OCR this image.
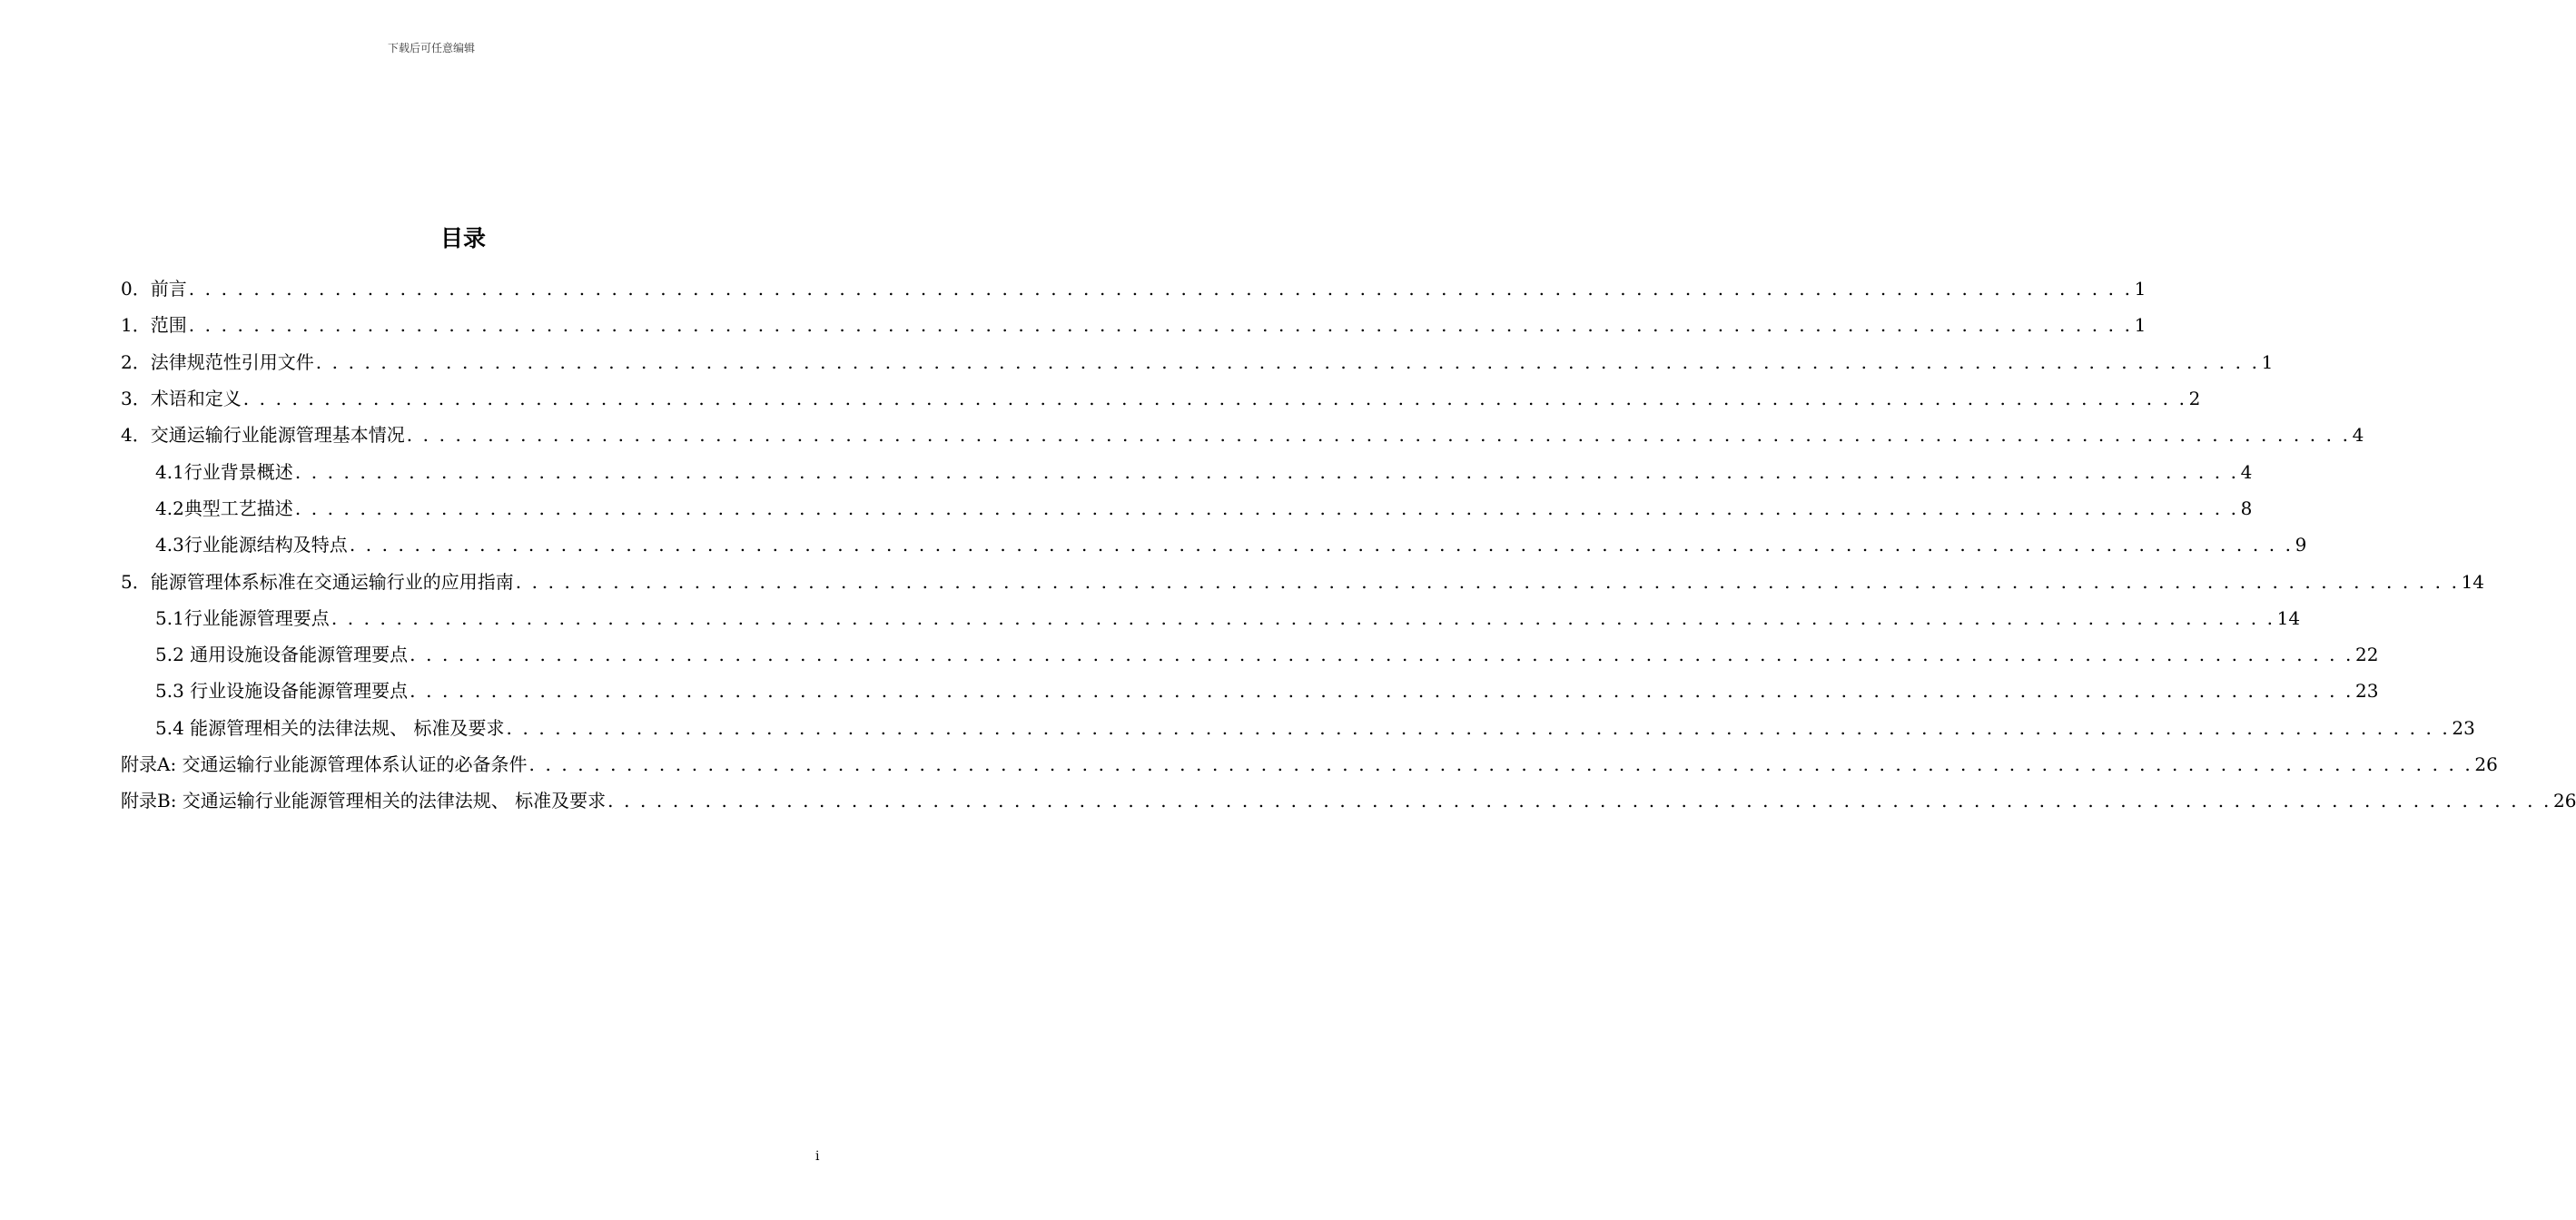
下载后可任意编辑
目录
0．前言 . . . . . . . . . . . . . . . . . . . . . . . . . . . . . . . . . . . . . . . . . . . . . . . . . . . . . . . . . . . . . . . . . . . . . . . . . . . . . . . . . . . . . . . . . . . . . . . . . . . . . . . . . . . . . . . . . . . . . . . . 1
1．范围 . . . . . . . . . . . . . . . . . . . . . . . . . . . . . . . . . . . . . . . . . . . . . . . . . . . . . . . . . . . . . . . . . . . . . . . . . . . . . . . . . . . . . . . . . . . . . . . . . . . . . . . . . . . . . . . . . . . . . . . . 1
2．法律规范性引用文件 . . . . . . . . . . . . . . . . . . . . . . . . . . . . . . . . . . . . . . . . . . . . . . . . . . . . . . . . . . . . . . . . . . . . . . . . . . . . . . . . . . . . . . . . . . . . . . . . . . . . . . . . . . . . . . . . . . . . . . . . 1
3．术语和定义 . . . . . . . . . . . . . . . . . . . . . . . . . . . . . . . . . . . . . . . . . . . . . . . . . . . . . . . . . . . . . . . . . . . . . . . . . . . . . . . . . . . . . . . . . . . . . . . . . . . . . . . . . . . . . . . . . . . . . . . . 2
4．交通运输行业能源管理基本情况 . . . . . . . . . . . . . . . . . . . . . . . . . . . . . . . . . . . . . . . . . . . . . . . . . . . . . . . . . . . . . . . . . . . . . . . . . . . . . . . . . . . . . . . . . . . . . . . . . . . . . . . . . . . . . . . . . . . . . . . . 4
4.1行业背景概述 . . . . . . . . . . . . . . . . . . . . . . . . . . . . . . . . . . . . . . . . . . . . . . . . . . . . . . . . . . . . . . . . . . . . . . . . . . . . . . . . . . . . . . . . . . . . . . . . . . . . . . . . . . . . . . . . . . . . . . . . 4
4.2典型工艺描述 . . . . . . . . . . . . . . . . . . . . . . . . . . . . . . . . . . . . . . . . . . . . . . . . . . . . . . . . . . . . . . . . . . . . . . . . . . . . . . . . . . . . . . . . . . . . . . . . . . . . . . . . . . . . . . . . . . . . . . . . 8
4.3行业能源结构及特点 . . . . . . . . . . . . . . . . . . . . . . . . . . . . . . . . . . . . . . . . . . . . . . . . . . . . . . . . . . . . . . . . . . . . . . . . . . . . . . . . . . . . . . . . . . . . . . . . . . . . . . . . . . . . . . . . . . . . . . . . 9
5．能源管理体系标准在交通运输行业的应用指南 . . . . . . . . . . . . . . . . . . . . . . . . . . . . . . . . . . . . . . . . . . . . . . . . . . . . . . . . . . . . . . . . . . . . . . . . . . . . . . . . . . . . . . . . . . . . . . . . . . . . . . . . . . . . . . . . . . . . . . . . 14
5.1行业能源管理要点 . . . . . . . . . . . . . . . . . . . . . . . . . . . . . . . . . . . . . . . . . . . . . . . . . . . . . . . . . . . . . . . . . . . . . . . . . . . . . . . . . . . . . . . . . . . . . . . . . . . . . . . . . . . . . . . . . . . . . . . . 14
5.2 通用设施设备能源管理要点 . . . . . . . . . . . . . . . . . . . . . . . . . . . . . . . . . . . . . . . . . . . . . . . . . . . . . . . . . . . . . . . . . . . . . . . . . . . . . . . . . . . . . . . . . . . . . . . . . . . . . . . . . . . . . . . . . . . . . . . . 22
5.3 行业设施设备能源管理要点 . . . . . . . . . . . . . . . . . . . . . . . . . . . . . . . . . . . . . . . . . . . . . . . . . . . . . . . . . . . . . . . . . . . . . . . . . . . . . . . . . . . . . . . . . . . . . . . . . . . . . . . . . . . . . . . . . . . . . . . . 23
5.4 能源管理相关的法律法规、 标准及要求 . . . . . . . . . . . . . . . . . . . . . . . . . . . . . . . . . . . . . . . . . . . . . . . . . . . . . . . . . . . . . . . . . . . . . . . . . . . . . . . . . . . . . . . . . . . . . . . . . . . . . . . . . . . . . . . . . . . . . . . . 23
附录A: 交通运输行业能源管理体系认证的必备条件 . . . . . . . . . . . . . . . . . . . . . . . . . . . . . . . . . . . . . . . . . . . . . . . . . . . . . . . . . . . . . . . . . . . . . . . . . . . . . . . . . . . . . . . . . . . . . . . . . . . . . . . . . . . . . . . . . . . . . . . . 26
附录B: 交通运输行业能源管理相关的法律法规、 标准及要求 . . . . . . . . . . . . . . . . . . . . . . . . . . . . . . . . . . . . . . . . . . . . . . . . . . . . . . . . . . . . . . . . . . . . . . . . . . . . . . . . . . . . . . . . . . . . . . . . . . . . . . . . . . . . . . . . . . . . . . . . 26
i
